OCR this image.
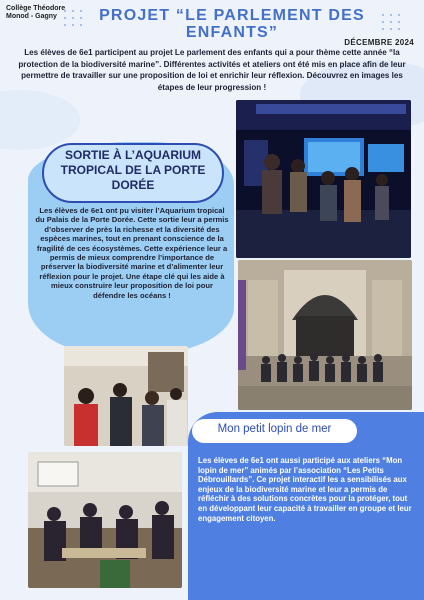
Collège Théodore Monod - Gagny	PROJET “LE PARLEMENT DES ENFANTS”
DÉCEMBRE 2024
Les élèves de 6e1 participent au projet Le parlement des enfants qui a pour thème cette année “la protection de la biodiversité marine”. Différentes activités et ateliers ont été mis en place afin de leur permettre de travailler sur une proposition de loi et enrichir leur réflexion. Découvrez en images les étapes de leur progression !
SORTIE À L’AQUARIUM TROPICAL DE LA PORTE DORÉE
Les élèves de 6e1 ont pu visiter l’Aquarium tropical du Palais de la Porte Dorée. Cette sortie leur a permis d’observer de près la richesse et la diversité des espèces marines, tout en prenant conscience de la fragilité de ces écosystèmes. Cette expérience leur a permis de mieux comprendre l’importance de préserver la biodiversité marine et d’alimenter leur réflexion pour le projet. Une étape clé qui les aide à mieux construire leur proposition de loi pour défendre les océans !
Mon petit lopin de mer
Les élèves de 6e1 ont aussi participé aux ateliers “Mon lopin de mer” animés par l’association “Les Petits Débrouillards”. Ce projet interactif les a sensibilisés aux enjeux de la biodiversité marine et leur a permis de réfléchir à des solutions concrètes pour la protéger, tout en développant leur capacité à travailler en groupe et leur engagement citoyen.
